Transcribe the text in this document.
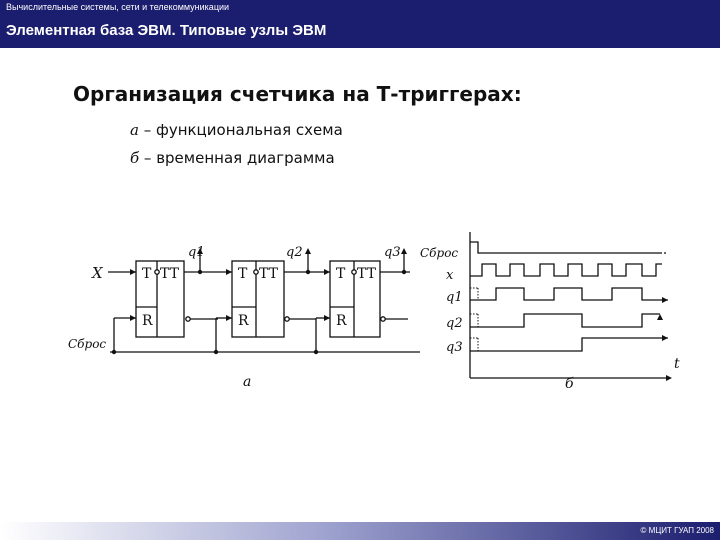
Вычислительные системы, сети и телекоммуникации
Элементная база ЭВМ. Типовые узлы ЭВМ
Организация счетчика на Т-триггерах:
а – функциональная схема
б – временная диаграмма
X
Сброс
T TT
R
T TT
R
T TT
R
q1	q2	q3
а
Сброс
x
q1
q2
q3
t
б
© МЦИТ ГУАП 2008
